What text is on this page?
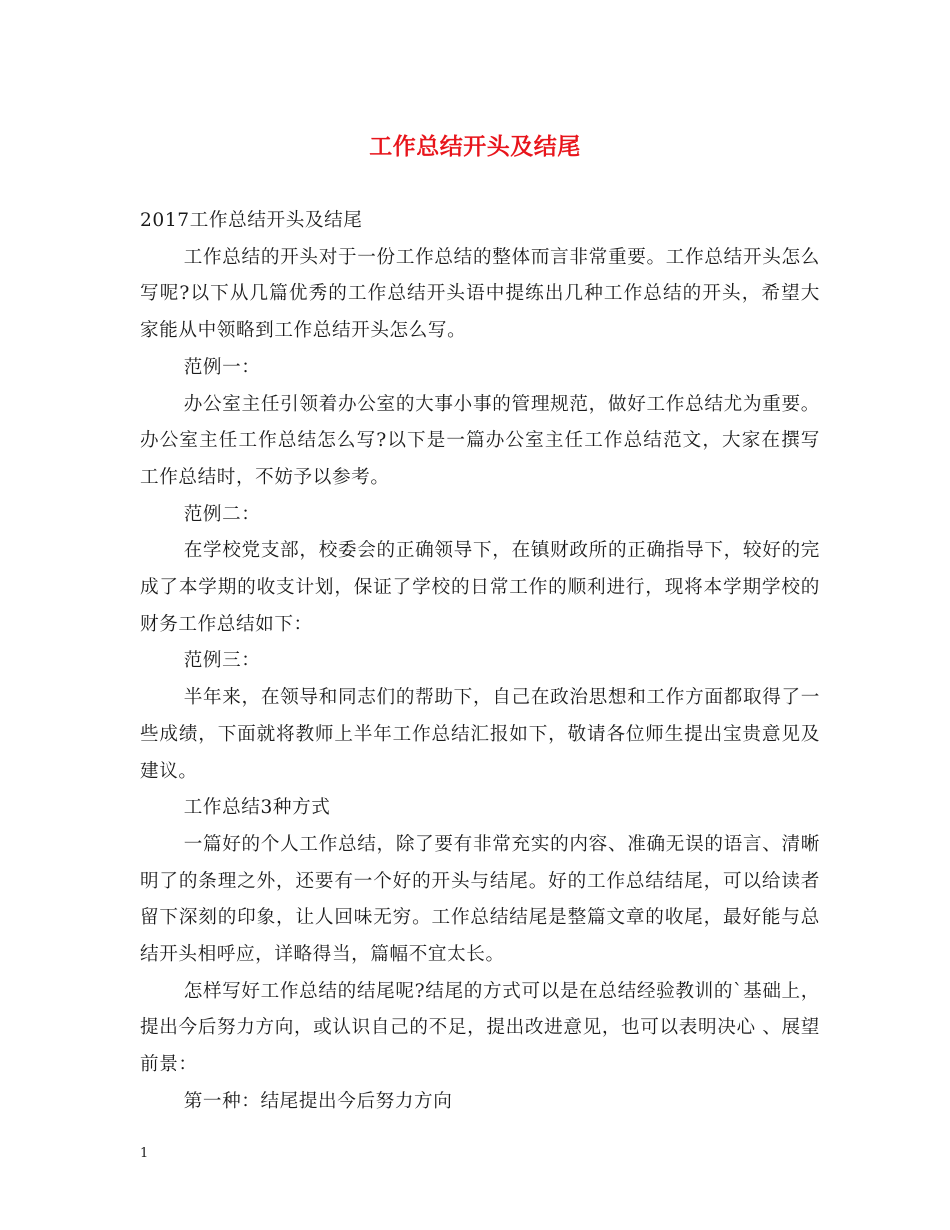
工作总结开头及结尾

2017工作总结开头及结尾

工作总结的开头对于一份工作总结的整体而言非常重要。工作总结开头怎么写呢?以下从几篇优秀的工作总结开头语中提练出几种工作总结的开头，希望大家能从中领略到工作总结开头怎么写。

范例一：

办公室主任引领着办公室的大事小事的管理规范，做好工作总结尤为重要。办公室主任工作总结怎么写?以下是一篇办公室主任工作总结范文，大家在撰写工作总结时，不妨予以参考。

范例二：

在学校党支部，校委会的正确领导下，在镇财政所的正确指导下，较好的完成了本学期的收支计划，保证了学校的日常工作的顺利进行，现将本学期学校的财务工作总结如下：

范例三：

半年来，在领导和同志们的帮助下，自己在政治思想和工作方面都取得了一些成绩，下面就将教师上半年工作总结汇报如下，敬请各位师生提出宝贵意见及建议。

工作总结3种方式

一篇好的个人工作总结，除了要有非常充实的内容、准确无误的语言、清晰明了的条理之外，还要有一个好的开头与结尾。好的工作总结结尾，可以给读者留下深刻的印象，让人回味无穷。工作总结结尾是整篇文章的收尾，最好能与总结开头相呼应，详略得当，篇幅不宜太长。

怎样写好工作总结的结尾呢?结尾的方式可以是在总结经验教训的`基础上，提出今后努力方向，或认识自己的不足，提出改进意见，也可以表明决心 、展望前景：

第一种：结尾提出今后努力方向

1
